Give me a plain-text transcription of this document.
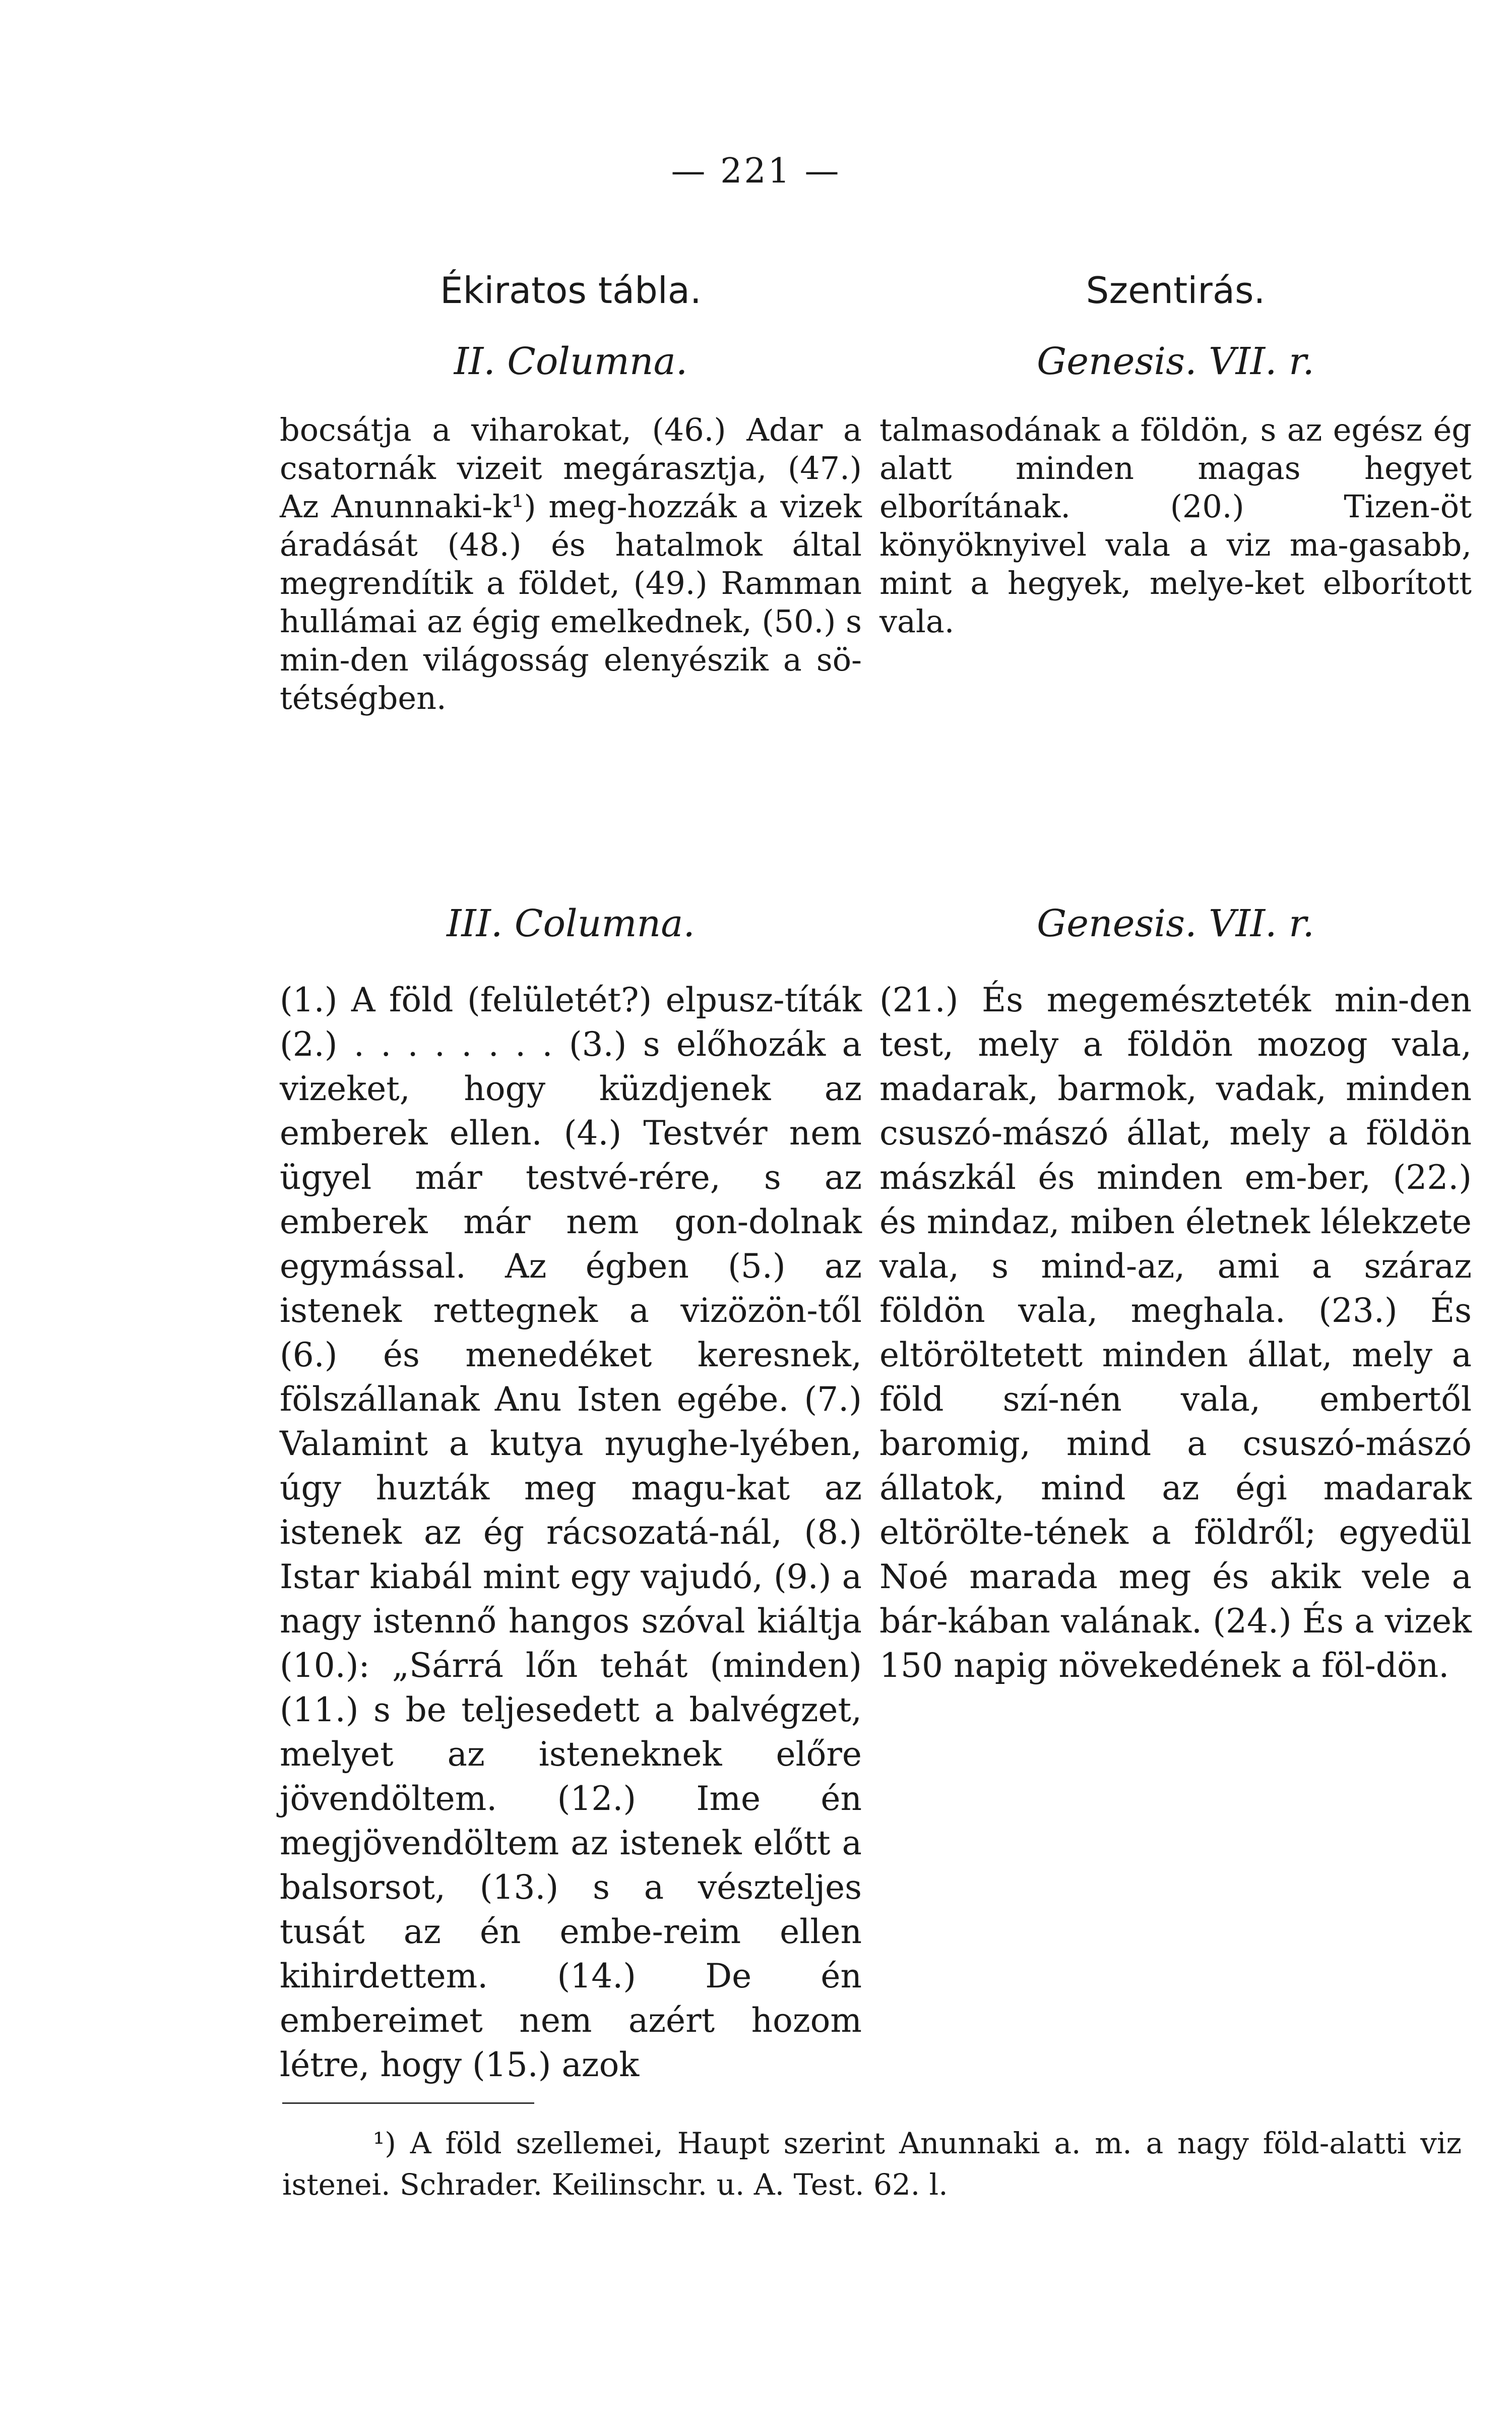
— 221 —
Ékiratos tábla.

II. Columna.

bocsátja a viharokat, (46.) Adar a csatornák vizeit megárasztja, (47.) Az Anunnaki-k¹) meg-hozzák a vizek áradását (48.) és hatalmok által megrendítik a földet, (49.) Ramman hullámai az égig emelkednek, (50.) s min-den világosság elenyészik a sö-tétségben.

Szentirás.

Genesis. VII. r.

talmasodának a földön, s az egész ég alatt minden magas hegyet elborítának. (20.) Tizen-öt könyöknyivel vala a viz ma-gasabb, mint a hegyek, melye-ket elborított vala.

III. Columna.

(1.) A föld (felületét?) elpusz-títák (2.) . . . . . . . . (3.) s előhozák a vizeket, hogy küzdjenek az emberek ellen. (4.) Testvér nem ügyel már testvé-rére, s az emberek már nem gon-dolnak egymással. Az égben (5.) az istenek rettegnek a vizözön-től (6.) és menedéket keresnek, fölszállanak Anu Isten egébe. (7.) Valamint a kutya nyughe-lyében, úgy huzták meg magu-kat az istenek az ég rácsozatá-nál, (8.) Istar kiabál mint egy vajudó, (9.) a nagy istennő hangos szóval kiáltja (10.): „Sárrá lőn tehát (minden) (11.) s be teljesedett a balvégzet, melyet az isteneknek előre jövendöltem. (12.) Ime én megjövendöltem az istenek előtt a balsorsot, (13.) s a vészteljes tusát az én embe-reim ellen kihirdettem. (14.) De én embereimet nem azért hozom létre, hogy (15.) azok

Genesis. VII. r.

(21.) És megemészteték min-den test, mely a földön mozog vala, madarak, barmok, vadak, minden csuszó-mászó állat, mely a földön mászkál és minden em-ber, (22.) és mindaz, miben életnek lélekzete vala, s mind-az, ami a száraz földön vala, meghala. (23.) És eltöröltetett minden állat, mely a föld szí-nén vala, embertől baromig, mind a csuszó-mászó állatok, mind az égi madarak eltörölte-tének a földről; egyedül Noé marada meg és akik vele a bár-kában valának. (24.) És a vizek 150 napig növekedének a föl-dön.

¹) A föld szellemei, Haupt szerint Anunnaki a. m. a nagy föld-alatti viz istenei. Schrader. Keilinschr. u. A. Test. 62. l.
